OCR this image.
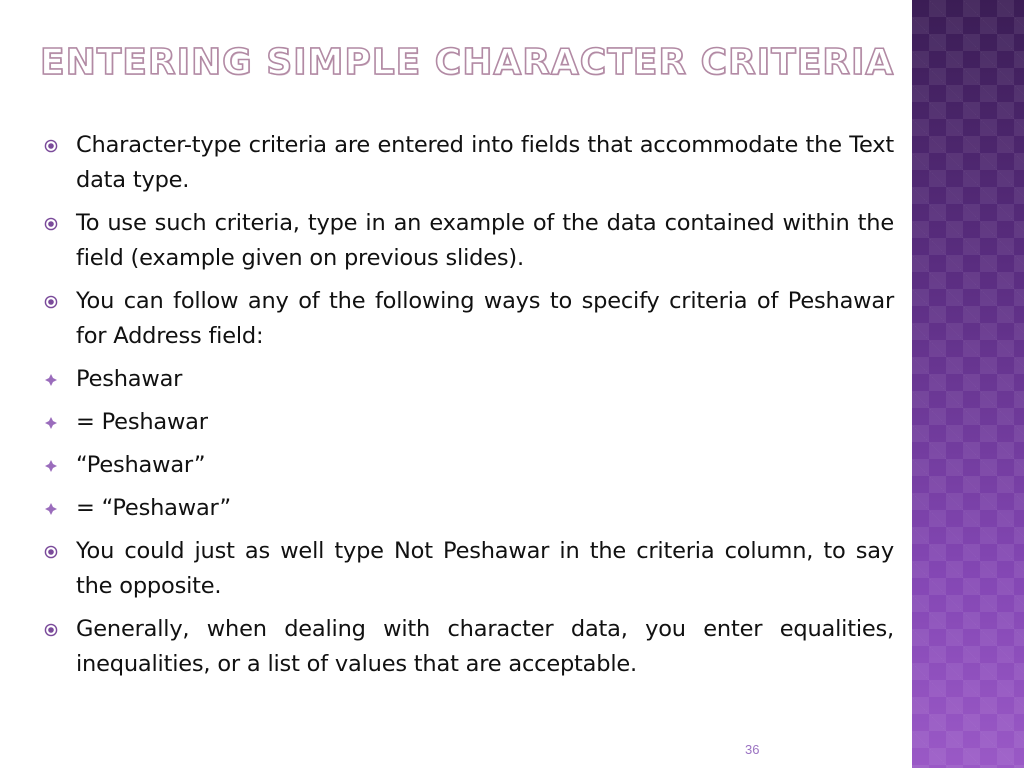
ENTERING SIMPLE CHARACTER CRITERIA
Character-type criteria are entered into fields that accommodate the Text data type.
To use such criteria, type in an example of the data contained within the field (example given on previous slides).
You can follow any of the following ways to specify criteria of Peshawar for Address field:
Peshawar
= Peshawar
“Peshawar”
= “Peshawar”
You could just as well type Not Peshawar in the criteria column, to say the opposite.
Generally, when dealing with character data, you enter equalities, inequalities, or a list of values that are acceptable.
36
